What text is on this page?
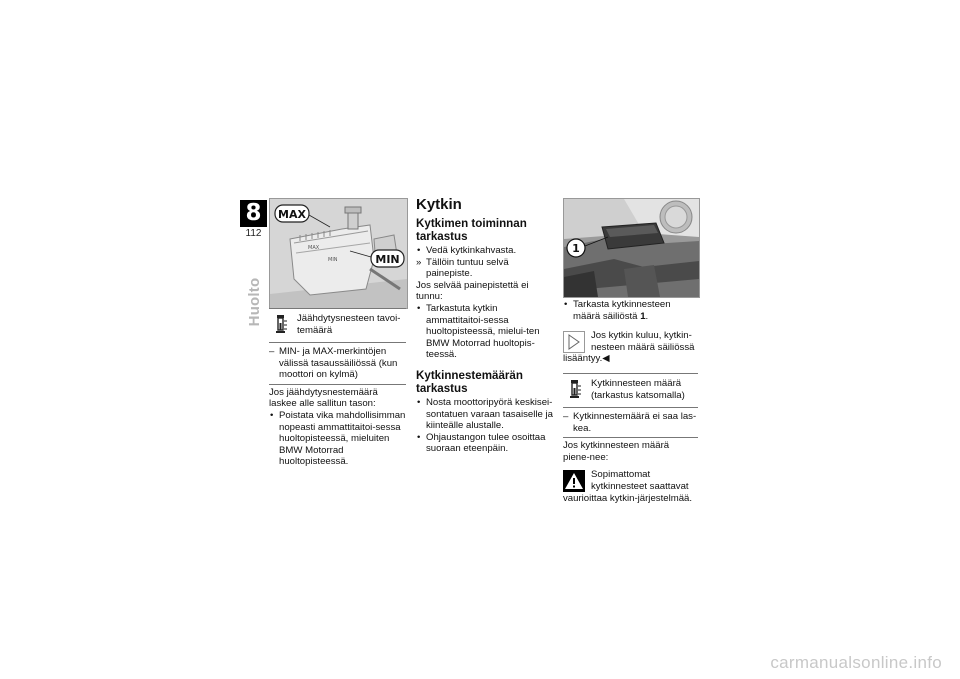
8
112
Huolto
MAX
MIN
MAX
MIN

Jäähdytysnesteen tavoi-temäärä

– MIN- ja MAX-merkintöjen välissä tasaussäiliössä (kun moottori on kylmä)

Jos jäähdytysnestemäärä laskee alle sallitun tason:

• Poistata vika mahdollisimman nopeasti ammattitaitoi-sessa huoltopisteessä, mieluiten BMW Motorrad huoltopisteessä.

Kytkin

Kytkimen toiminnan tarkastus

• Vedä kytkinkahvasta.

» Tällöin tuntuu selvä painepiste.

Jos selvää painepistettä ei tunnu:

• Tarkastuta kytkin ammattitaitoi-sessa huoltopisteessä, mielui-ten BMW Motorrad huoltopis-teessä.

Kytkinnestemäärän tarkastus

• Nosta moottoripyörä keskisei-sontatuen varaan tasaiselle ja kiinteälle alustalle.

• Ohjaustangon tulee osoittaa suoraan eteenpäin.

1

• Tarkasta kytkinnesteen määrä säiliöstä 1.

Jos kytkin kuluu, kytkin-nesteen määrä säiliössä lisääntyy.◀

Kytkinnesteen määrä (tarkastus katsomalla)

– Kytkinnestemäärä ei saa las-kea.

Jos kytkinnesteen määrä piene-nee:

Sopimattomat kytkinnesteet saattavat vaurioittaa kytkin-järjestelmää.

carmanualsonline.info
